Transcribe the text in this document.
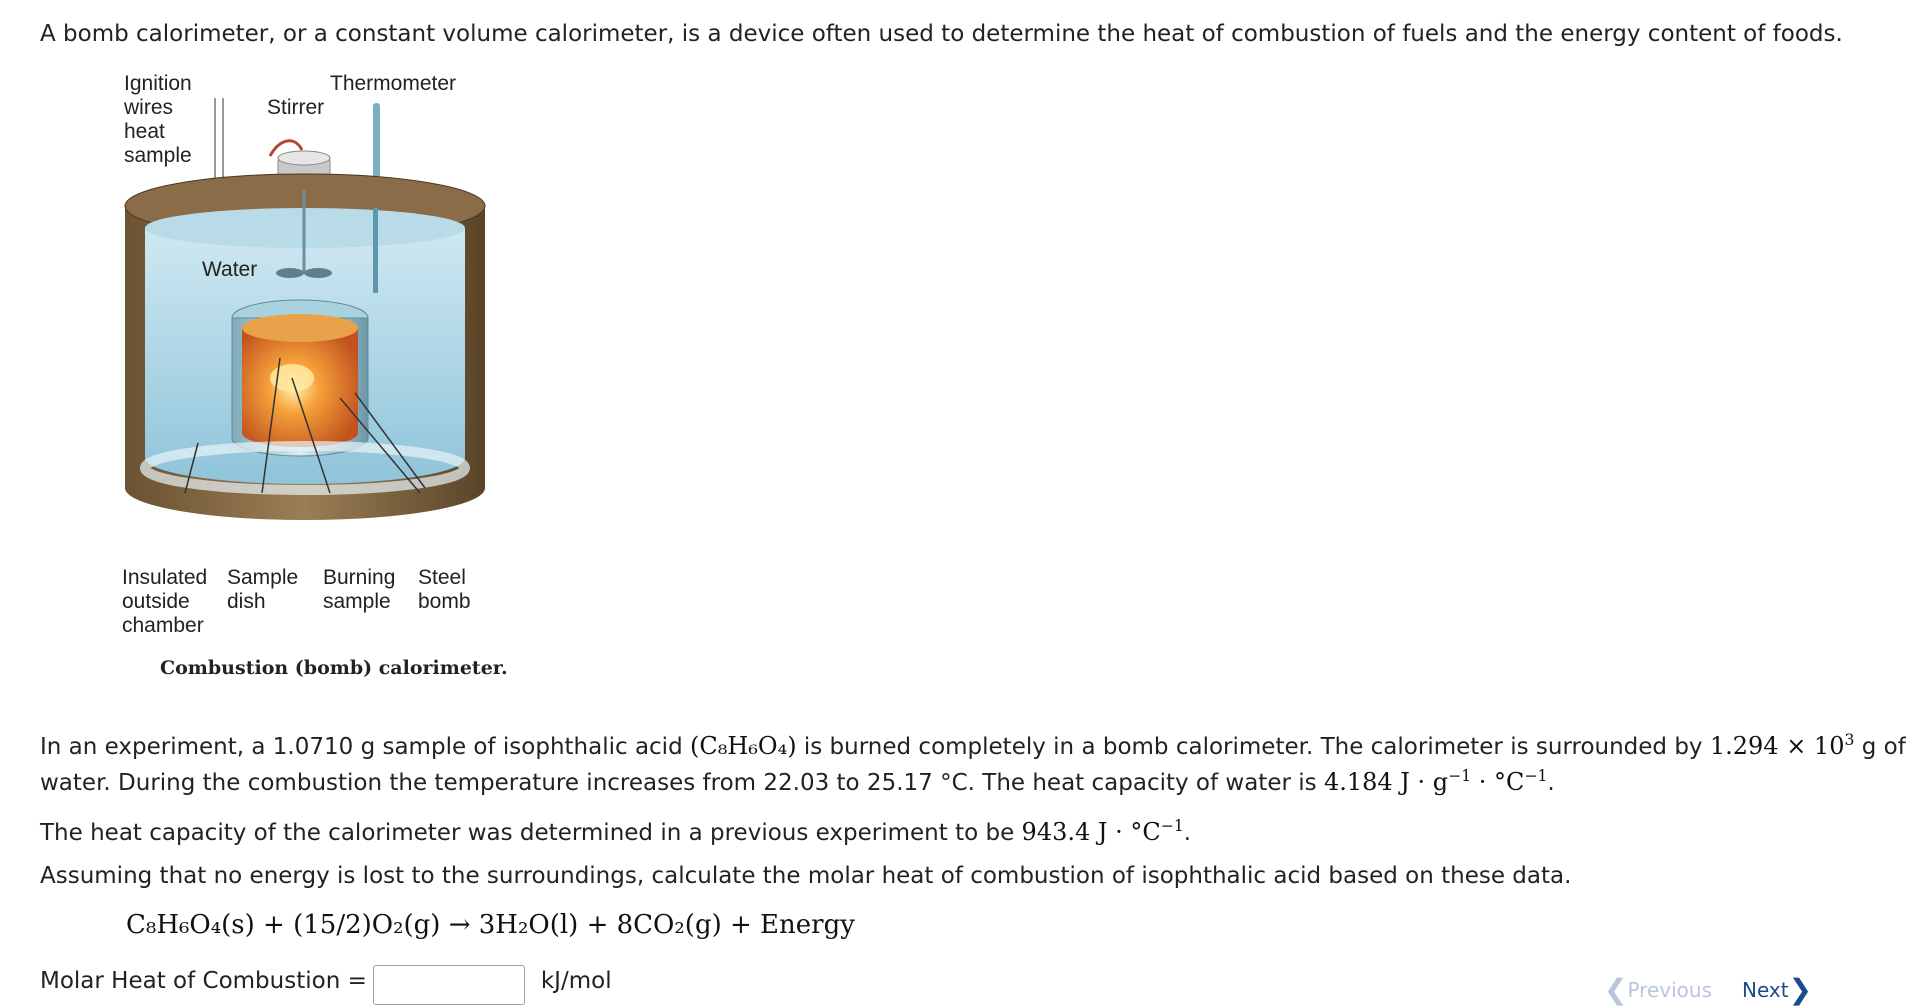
A bomb calorimeter, or a constant volume calorimeter, is a device often used to determine the heat of combustion of fuels and the energy content of foods.
Ignition
wires
heat
sample
Stirrer
Thermometer
Water
Insulated
outside
chamber
Sample
dish
Burning
sample
Steel
bomb
Combustion (bomb) calorimeter.
In an experiment, a 1.0710 g sample of isophthalic acid (C₈H₆O₄) is burned completely in a bomb calorimeter. The calorimeter is surrounded by $1.294 \times 10^3$ g of
water. During the combustion the temperature increases from 22.03 to 25.17 °C. The heat capacity of water is 4.184 $J \cdot g^{-1} \cdot ^\circ C^{-1}$.
The heat capacity of the calorimeter was determined in a previous experiment to be 943.4 $J \cdot ^\circ C^{-1}$.
Assuming that no energy is lost to the surroundings, calculate the molar heat of combustion of isophthalic acid based on these data.
C₈H₆O₄(s) + (15/2)O₂(g) → 3H₂O(l) + 8CO₂(g) + Energy
Molar Heat of Combustion =	kJ/mol	❮ Previous Next ❯
